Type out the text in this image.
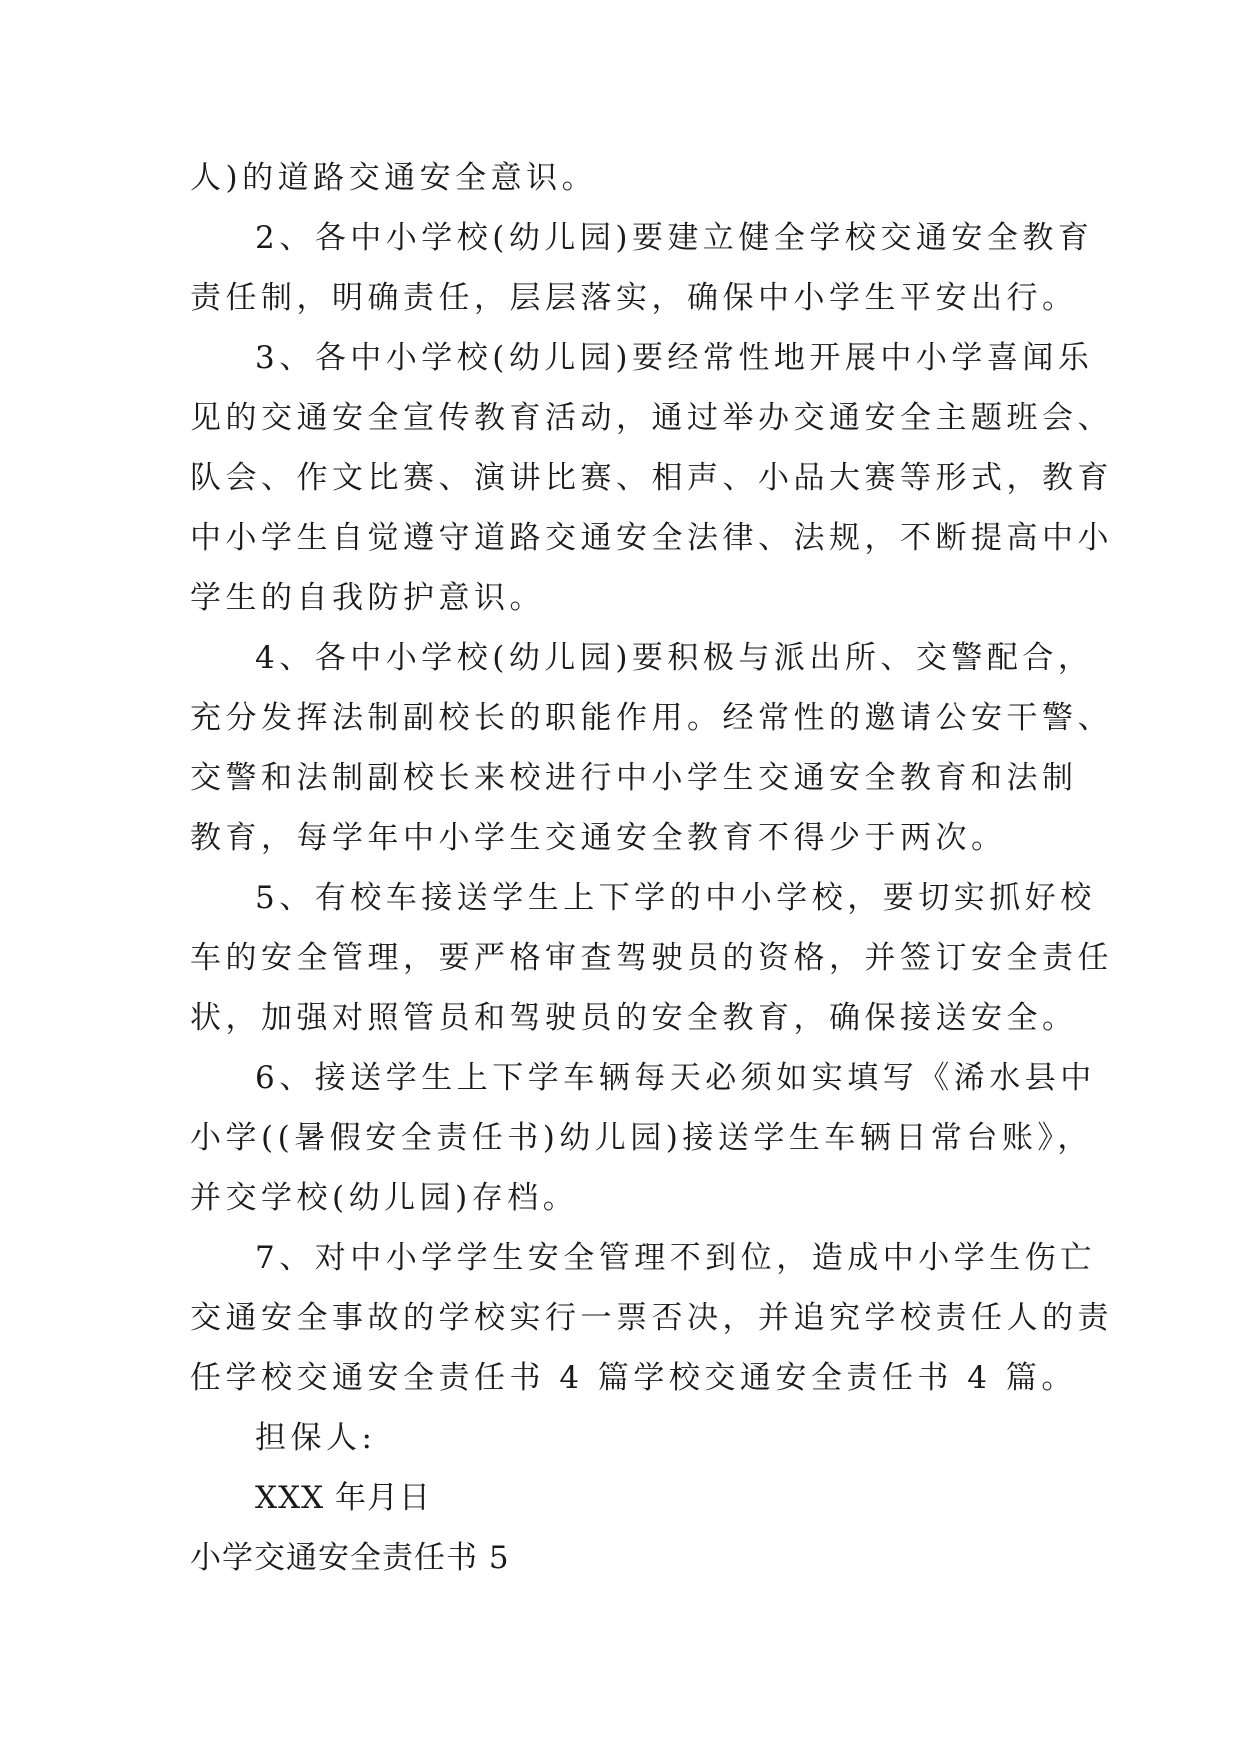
人)的道路交通安全意识。
2、各中小学校(幼儿园)要建立健全学校交通安全教育
责任制，明确责任，层层落实，确保中小学生平安出行。
3、各中小学校(幼儿园)要经常性地开展中小学喜闻乐
见的交通安全宣传教育活动，通过举办交通安全主题班会、
队会、作文比赛、演讲比赛、相声、小品大赛等形式，教育
中小学生自觉遵守道路交通安全法律、法规，不断提高中小
学生的自我防护意识。
4、各中小学校(幼儿园)要积极与派出所、交警配合，
充分发挥法制副校长的职能作用。经常性的邀请公安干警、
交警和法制副校长来校进行中小学生交通安全教育和法制
教育，每学年中小学生交通安全教育不得少于两次。
5、有校车接送学生上下学的中小学校，要切实抓好校
车的安全管理，要严格审查驾驶员的资格，并签订安全责任
状，加强对照管员和驾驶员的安全教育，确保接送安全。
6、接送学生上下学车辆每天必须如实填写《浠水县中
小学((暑假安全责任书)幼儿园)接送学生车辆日常台账》，
并交学校(幼儿园)存档。
7、对中小学学生安全管理不到位，造成中小学生伤亡
交通安全事故的学校实行一票否决，并追究学校责任人的责
任学校交通安全责任书 4 篇学校交通安全责任书 4 篇。
担保人:
XXX 年月日
小学交通安全责任书 5
